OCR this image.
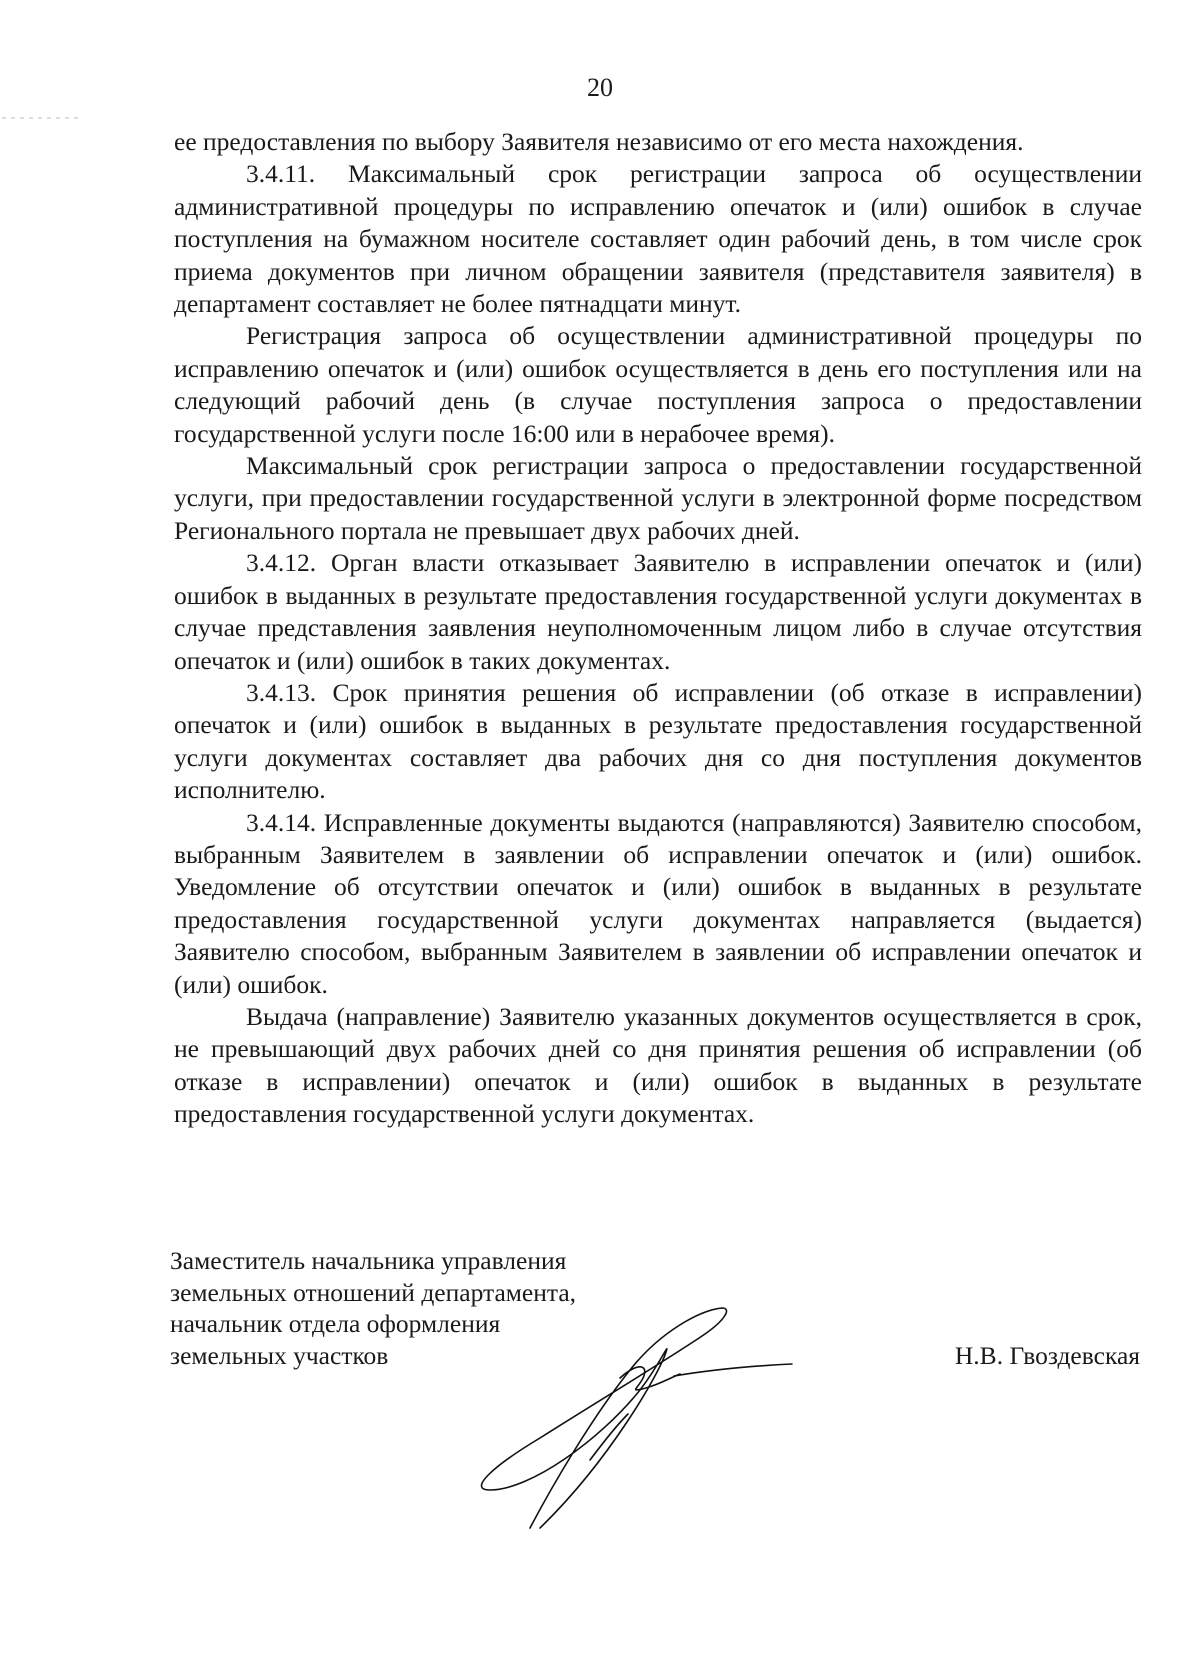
20

ее предоставления по выбору Заявителя независимо от его места нахождения.

3.4.11. Максимальный срок регистрации запроса об осуществлении административной процедуры по исправлению опечаток и (или) ошибок в случае поступления на бумажном носителе составляет один рабочий день, в том числе срок приема документов при личном обращении заявителя (представителя заявителя) в департамент составляет не более пятнадцати минут.

Регистрация запроса об осуществлении административной процедуры по исправлению опечаток и (или) ошибок осуществляется в день его поступления или на следующий рабочий день (в случае поступления запроса о предоставлении государственной услуги после 16:00 или в нерабочее время).

Максимальный срок регистрации запроса о предоставлении государственной услуги, при предоставлении государственной услуги в электронной форме посредством Регионального портала не превышает двух рабочих дней.

3.4.12. Орган власти отказывает Заявителю в исправлении опечаток и (или) ошибок в выданных в результате предоставления государственной услуги документах в случае представления заявления неуполномоченным лицом либо в случае отсутствия опечаток и (или) ошибок в таких документах.

3.4.13. Срок принятия решения об исправлении (об отказе в исправлении) опечаток и (или) ошибок в выданных в результате предоставления государственной услуги документах составляет два рабочих дня со дня поступления документов исполнителю.

3.4.14. Исправленные документы выдаются (направляются) Заявителю способом, выбранным Заявителем в заявлении об исправлении опечаток и (или) ошибок. Уведомление об отсутствии опечаток и (или) ошибок в выданных в результате предоставления государственной услуги документах направляется (выдается) Заявителю способом, выбранным Заявителем в заявлении об исправлении опечаток и (или) ошибок.

Выдача (направление) Заявителю указанных документов осуществляется в срок, не превышающий двух рабочих дней со дня принятия решения об исправлении (об отказе в исправлении) опечаток и (или) ошибок в выданных в результате предоставления государственной услуги документах.

Заместитель начальника управления
земельных отношений департамента,
начальник отдела оформления
земельных участков	Н.В. Гвоздевская
